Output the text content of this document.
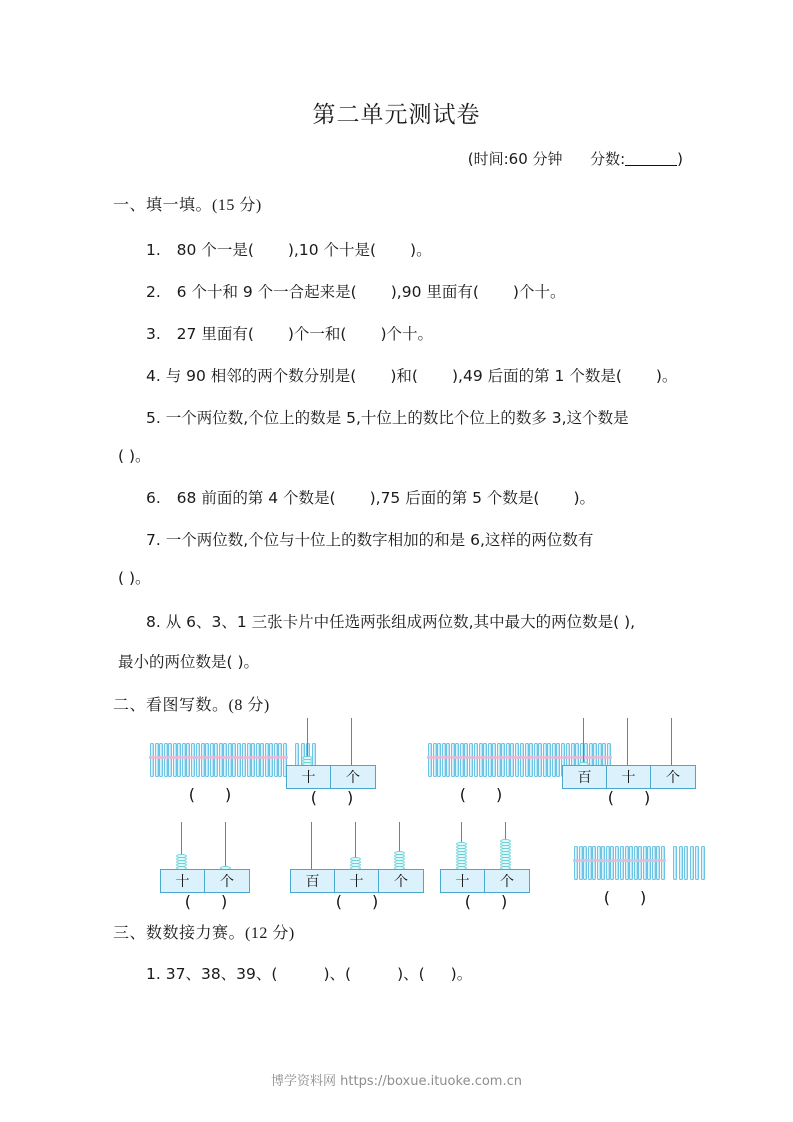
第二单元测试卷
(时间:60 分钟 分数:	)
一、填一填。(15 分)
1. 80 个一是( ),10 个十是( )。
2. 6 个十和 9 个一合起来是( ),90 里面有( )个十。
3. 27 里面有( )个一和( )个十。
4. 与 90 相邻的两个数分别是( )和( ),49 后面的第 1 个数是( )。
5. 一个两位数,个位上的数是 5,十位上的数比个位上的数多 3,这个数是
( )。
6. 68 前面的第 4 个数是( ),75 后面的第 5 个数是( )。
7. 一个两位数,个位与十位上的数字相加的和是 6,这样的两位数有
( )。
8. 从 6、3、1 三张卡片中任选两张组成两位数,其中最大的两位数是( ),
最小的两位数是( )。
二、看图写数。(8 分)
( )
十	个
( )	( )
百	十	个
( )
十	个
( )
百	十	个
( )
十	个
( )	( )
三、数数接力赛。(12 分)
1. 37、38、39、(	)、(	)、( )。
博学资料网 https://boxue.ituoke.com.cn
